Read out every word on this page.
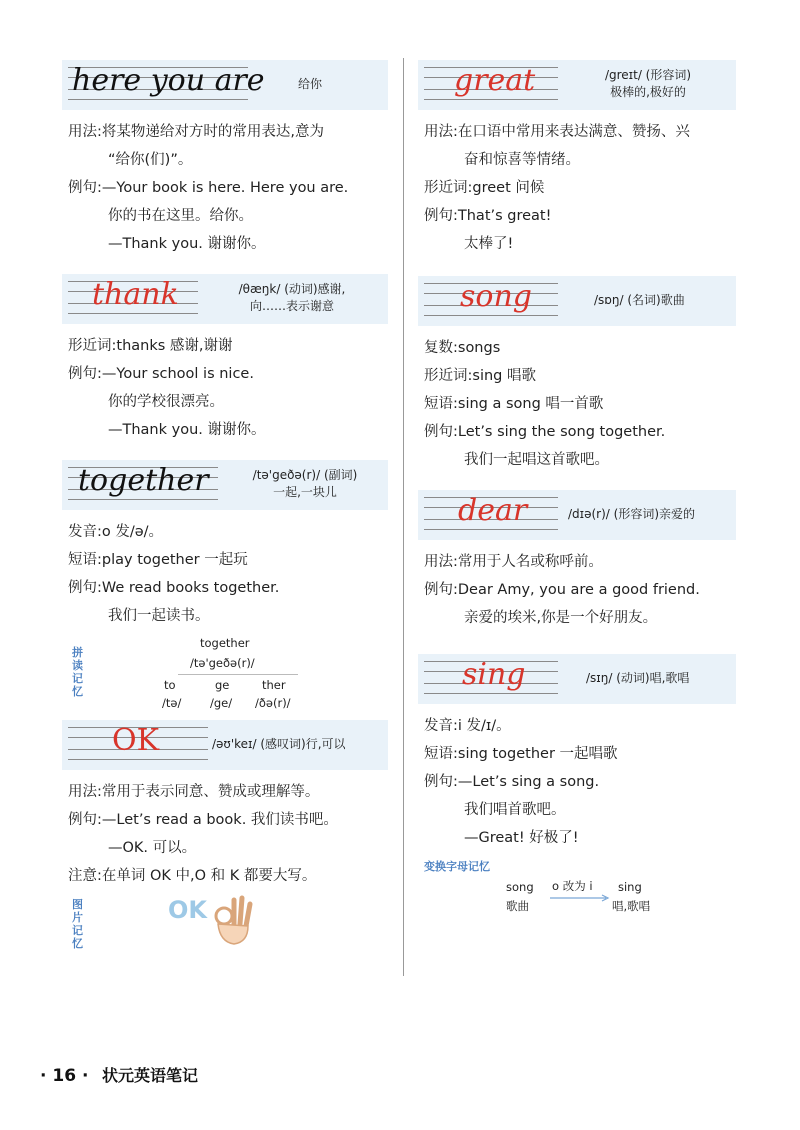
here you are	给你
用法:将某物递给对方时的常用表达,意为
“给你(们)”。
例句:—Your book is here. Here you are.
你的书在这里。给你。
—Thank you. 谢谢你。
thank	/θæŋk/ (动词)感谢,
向……表示谢意
形近词:thanks 感谢,谢谢
例句:—Your school is nice.
你的学校很漂亮。
—Thank you. 谢谢你。
together	/tə'geðə(r)/ (副词)
一起,一块儿
发音:o 发/ə/。
短语:play together 一起玩
例句:We read books together.
我们一起读书。
拼读记忆
together
/tə'geðə(r)/
to	ge	ther
/tə/ /ge/ /ðə(r)/
OK	/əʊ'keɪ/ (感叹词)行,可以
用法:常用于表示同意、赞成或理解等。
例句:—Let’s read a book. 我们读书吧。
—OK. 可以。
注意:在单词 OK 中,O 和 K 都要大写。
图片记忆
OK
great	/greɪt/ (形容词)
极棒的,极好的
用法:在口语中常用来表达满意、赞扬、兴
奋和惊喜等情绪。
形近词:greet 问候
例句:That’s great!
太棒了!
song	/sɒŋ/ (名词)歌曲
复数:songs
形近词:sing 唱歌
短语:sing a song 唱一首歌
例句:Let’s sing the song together.
我们一起唱这首歌吧。
dear	/dɪə(r)/ (形容词)亲爱的
用法:常用于人名或称呼前。
例句:Dear Amy, you are a good friend.
亲爱的埃米,你是一个好朋友。
sing	/sɪŋ/ (动词)唱,歌唱
发音:i 发/ɪ/。
短语:sing together 一起唱歌
例句:—Let’s sing a song.
我们唱首歌吧。
—Great! 好极了!
变换字母记忆
song
歌曲
o 改为 i sing
唱,歌唱
· 16 · 状元英语笔记
